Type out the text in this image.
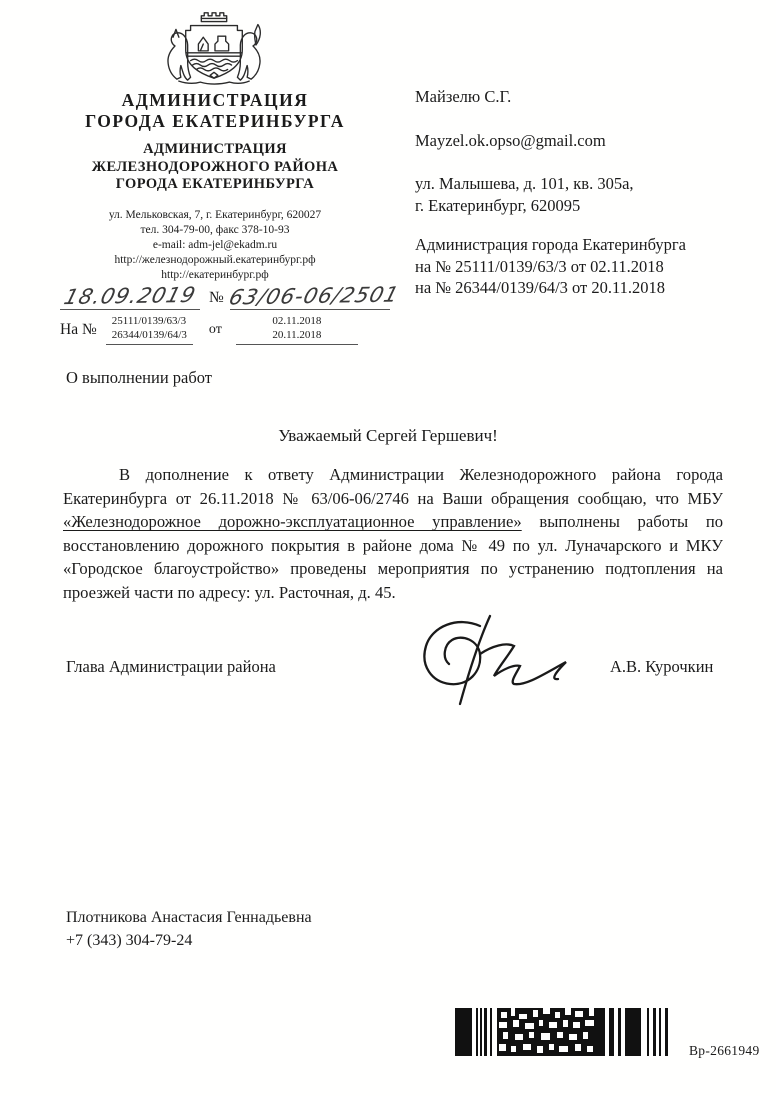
АДМИНИСТРАЦИЯ
ГОРОДА ЕКАТЕРИНБУРГА
АДМИНИСТРАЦИЯ
ЖЕЛЕЗНОДОРОЖНОГО РАЙОНА
ГОРОДА ЕКАТЕРИНБУРГА
ул. Мельковская, 7, г. Екатеринбург, 620027
тел. 304-79-00, факс 378-10-93
e-mail: adm-jel@ekadm.ru
http://железнодорожный.екатеринбург.рф
http://екатеринбург.рф
18.09.2019 № 63/06-06/2501
На № 25111/0139/63/3
26344/0139/64/3 от
02.11.2018
20.11.2018
Майзелю С.Г.
Mayzel.ok.opso@gmail.com
ул. Малышева, д. 101, кв. 305а,
г. Екатеринбург, 620095
Администрация города Екатеринбурга
на № 25111/0139/63/3 от 02.11.2018
на № 26344/0139/64/3 от 20.11.2018
О выполнении работ
Уважаемый Сергей Гершевич!

В дополнение к ответу Администрации Железнодорожного района города Екатеринбурга от 26.11.2018 № 63/06-06/2746 на Ваши обращения сообщаю, что МБУ «Железнодорожное дорожно-эксплуатационное управление» выполнены работы по восстановлению дорожного покрытия в районе дома № 49 по ул. Луначарского и МКУ «Городское благоустройство» проведены мероприятия по устранению подтопления на проезжей части по адресу: ул. Расточная, д. 45.

Глава Администрации района	А.В. Курочкин
Плотникова Анастасия Геннадьевна
+7 (343) 304-79-24
Вр-2661949
